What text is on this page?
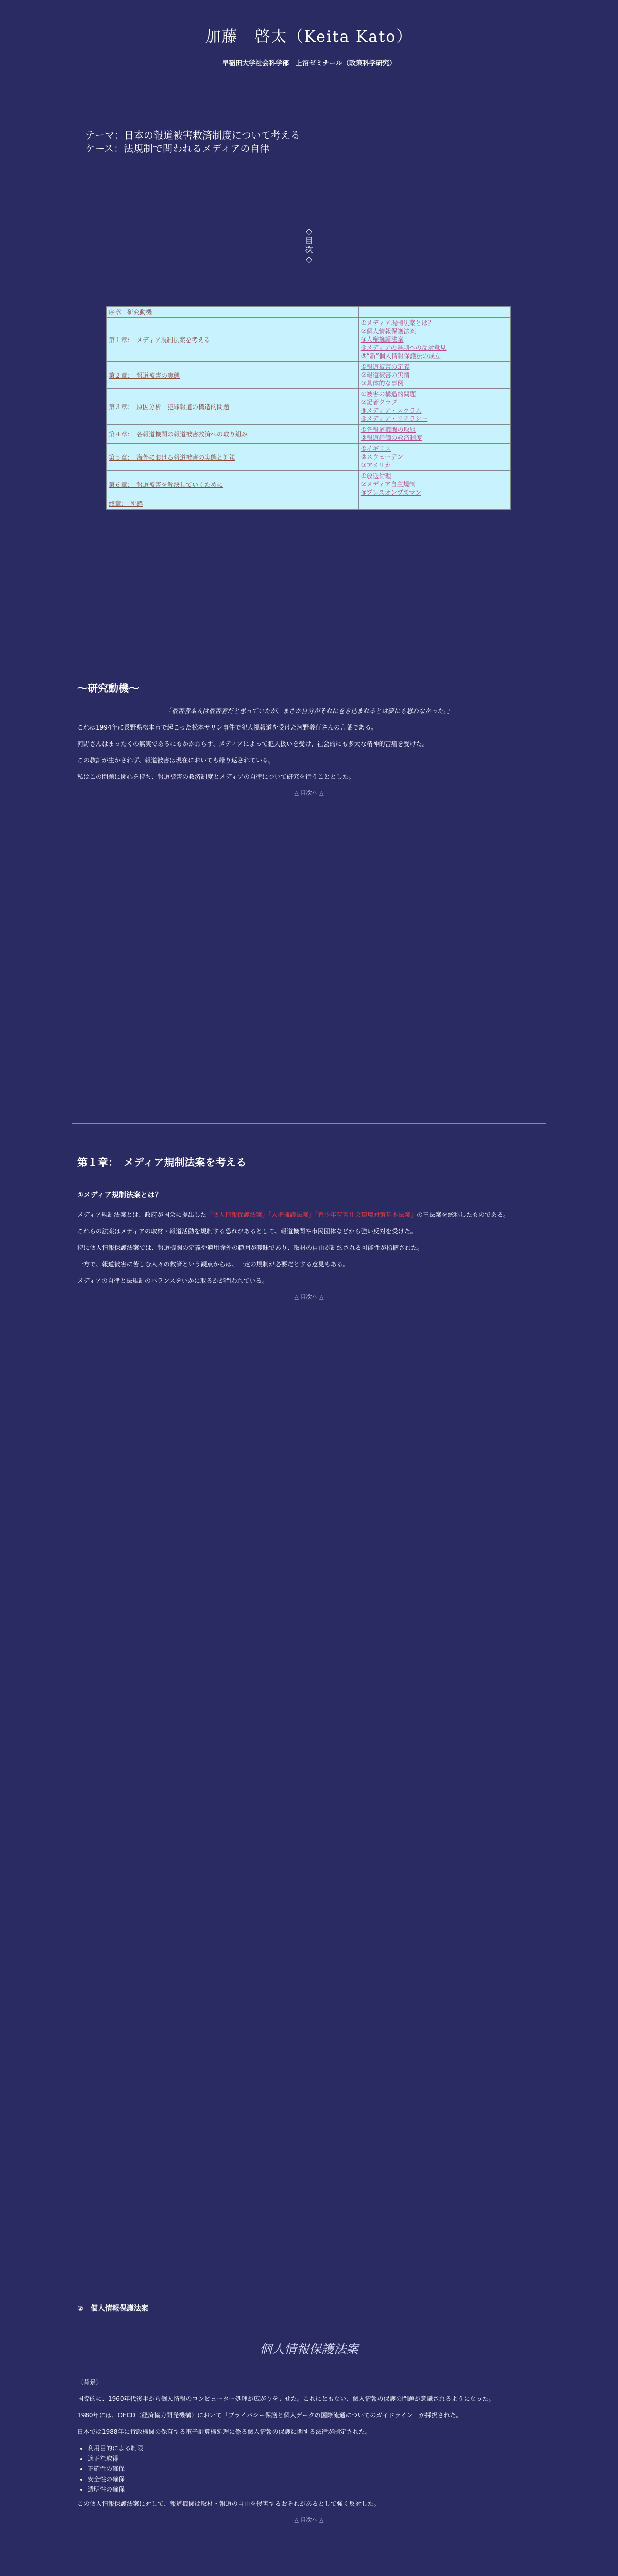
加藤　啓太（Keita Kato）
早稲田大学社会科学部　上沼ゼミナール（政策科学研究）
テーマ：日本の報道被害救済制度について考える
ケース：法規制で問われるメディアの自律
◇
目
次
◇
序章　研究動機	
第１章：　メディア規制法案を考える	①メディア規制法案とは？
②個人情報保護法案
③人権擁護法案
④メディアの過剰への反対意見
⑤“新”個人情報保護法の成立

第２章：　報道被害の実態	①報道被害の定義
②報道被害の実情
③具体的な事例

第３章：　原因分析　犯罪報道の構造的問題	①被害の構造的問題
②記者クラブ
③メディア・スクラム
④メディア・リテラシー

第４章：　各報道機関の報道被害救済への取り組み	①各報道機関の取組
②報道評価の救済制度

第５章：　海外における報道被害の実態と対策	①イギリス
②スウェーデン
③アメリカ

第６章：　報道被害を解決していくために	①放送倫理
②メディア自主規制
③プレスオンブズマン

終章：　所感	
〜研究動機〜

「被害者本人は被害者だと思っていたが、まさか自分がそれに巻き込まれるとは夢にも思わなかった。」

これは1994年に長野県松本市で起こった松本サリン事件で犯人視報道を受けた河野義行さんの言葉である。

河野さんはまったくの無実であるにもかかわらず、メディアによって犯人扱いを受け、社会的にも多大な精神的苦痛を受けた。

この教訓が生かされず、報道被害は現在においても繰り返されている。

私はこの問題に関心を持ち、報道被害の救済制度とメディアの自律について研究を行うこととした。

△ 目次へ △

第１章：　メディア規制法案を考える
①メディア規制法案とは？

メディア規制法案とは、政府が国会に提出した「個人情報保護法案」「人権擁護法案」「青少年有害社会環境対策基本法案」の三法案を総称したものである。

これらの法案はメディアの取材・報道活動を規制する恐れがあるとして、報道機関や市民団体などから強い反対を受けた。

特に個人情報保護法案では、報道機関の定義や適用除外の範囲が曖昧であり、取材の自由が制約される可能性が指摘された。

一方で、報道被害に苦しむ人々の救済という観点からは、一定の規制が必要だとする意見もある。

メディアの自律と法規制のバランスをいかに取るかが問われている。

△ 目次へ △

②　個人情報保護法案
個人情報保護法案

〈背景〉

国際的に、1960年代後半から個人情報のコンピューター処理が広がりを見せた。これにともない、個人情報の保護の問題が意識されるようになった。

1980年には、OECD（経済協力開発機構）において「プライバシー保護と個人データの国際流通についてのガイドライン」が採択された。

日本では1988年に行政機関の保有する電子計算機処理に係る個人情報の保護に関する法律が制定された。

• 利用目的による制限
• 適正な取得
• 正確性の確保
• 安全性の確保
• 透明性の確保

この個人情報保護法案に対して、報道機関は取材・報道の自由を侵害するおそれがあるとして強く反対した。

△ 目次へ △
